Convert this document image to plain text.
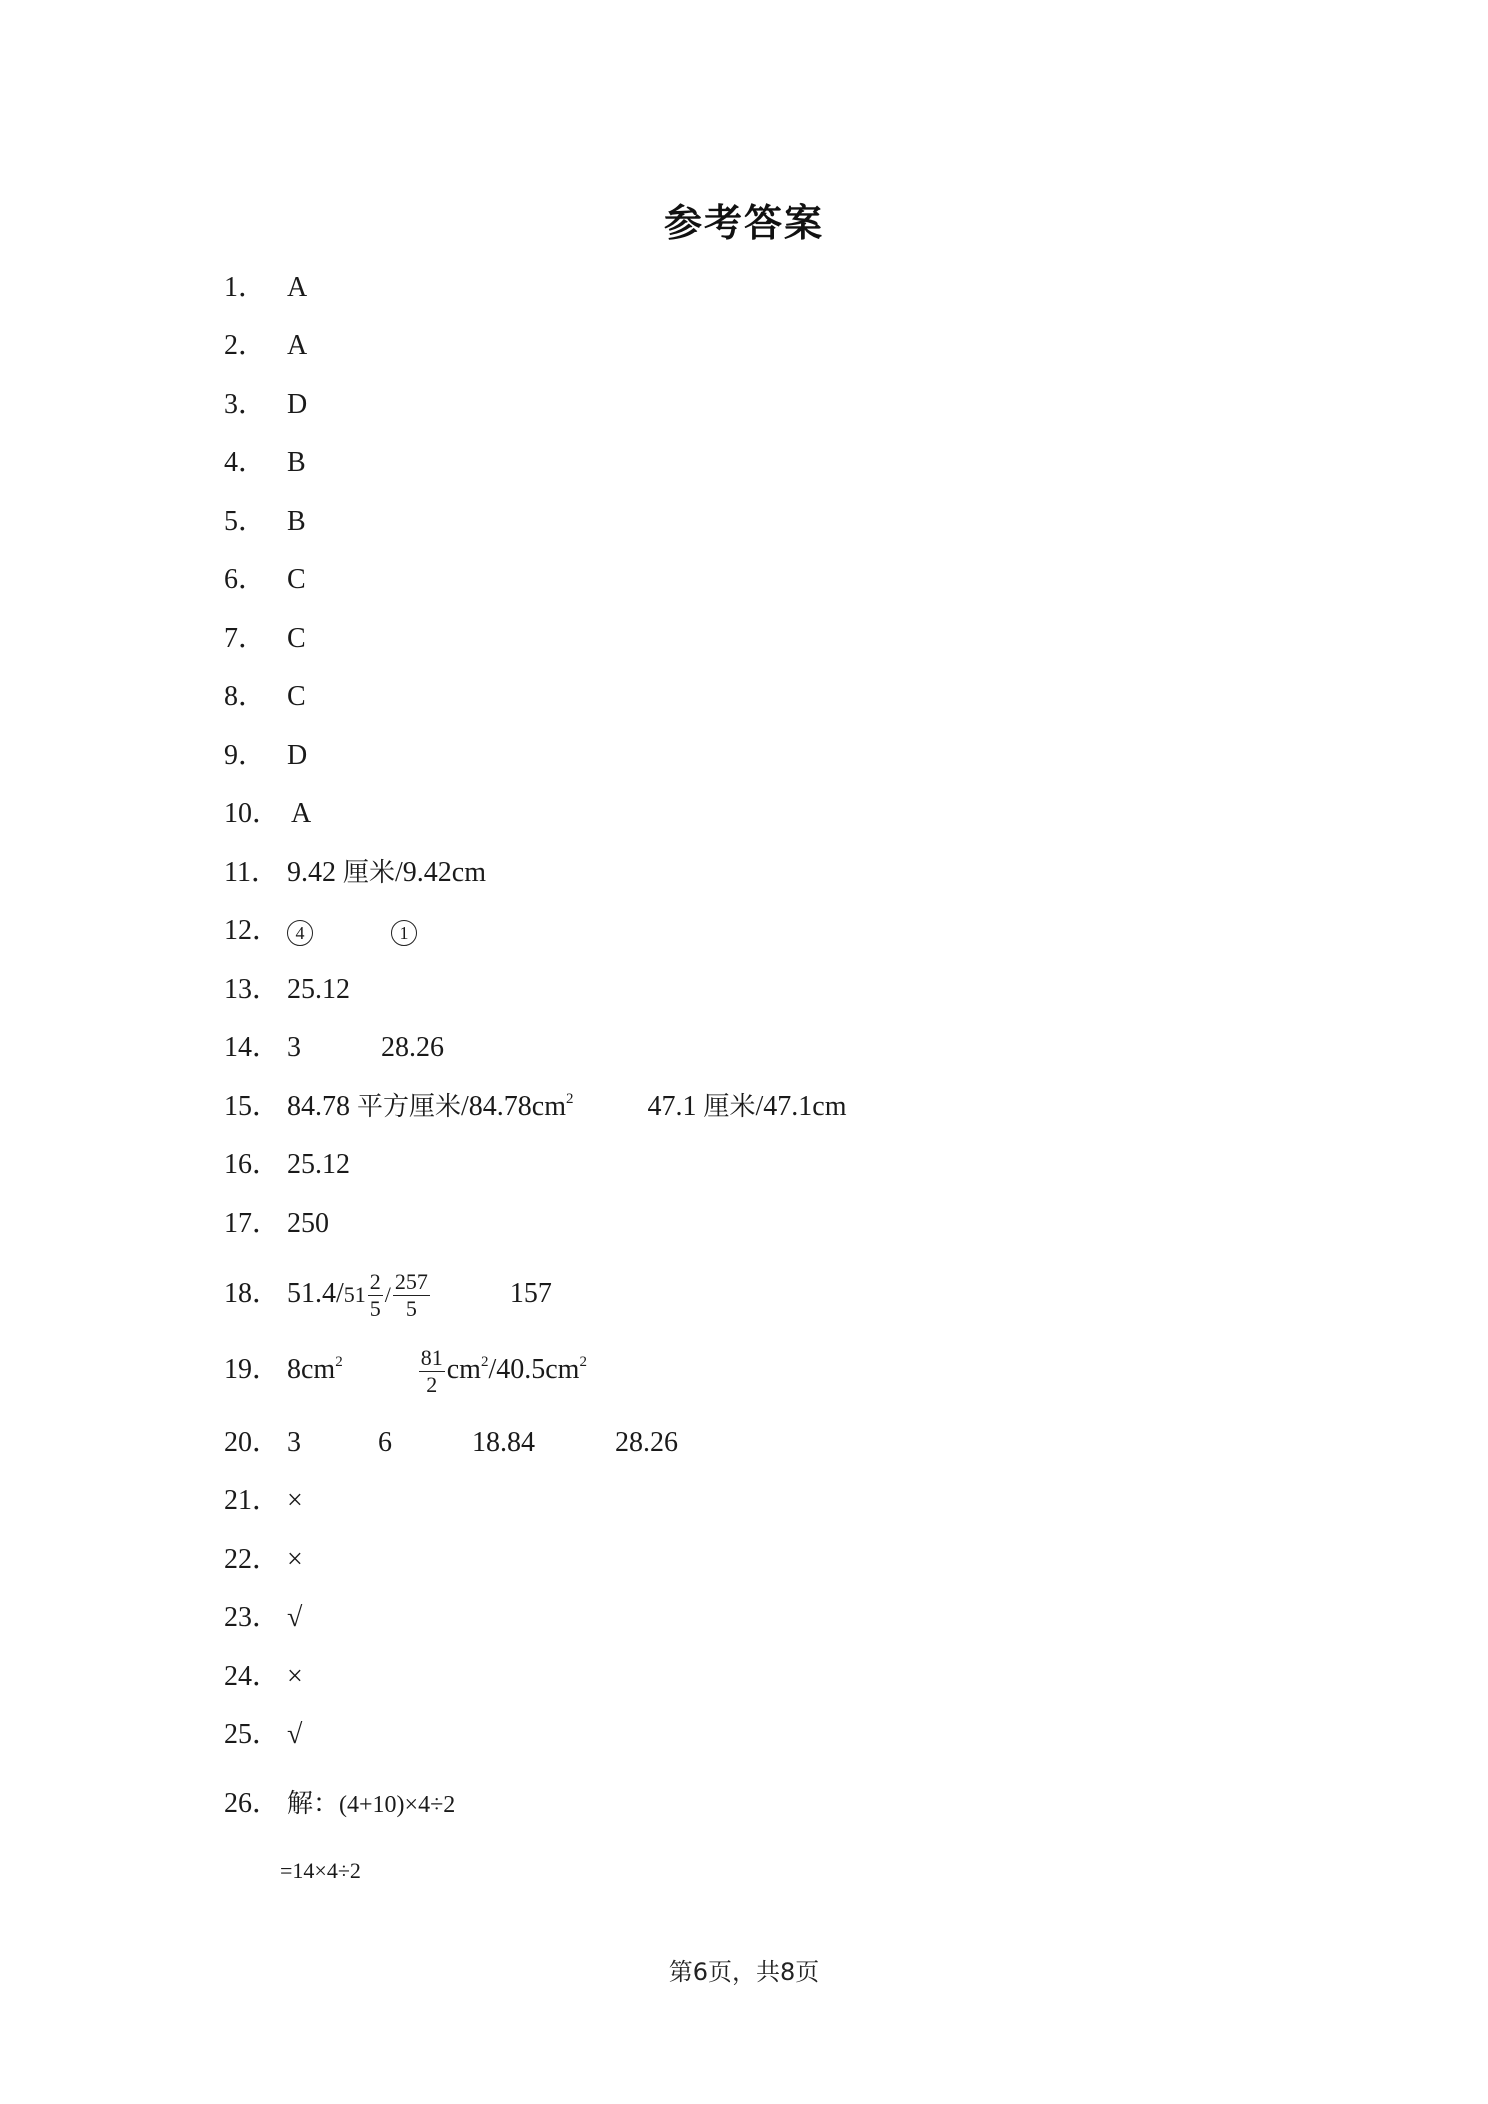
参考答案
1． A
2． A
3． D
4． B
5． B
6． C
7． C
8． C
9． D
10． A
11． 9.42 厘米/9.42cm
12． 4	1
13． 25.12
14． 3	28.26
15． 84.78 平方厘米$/84.78cm^2$	47.1 厘米/47.1cm
16． 25.12
17． 250
18． $51.4/51 \frac{2}{5} / \frac{257}{5}$	157
19． $8cm^2$	$\frac{81}{2} cm^2/40.5cm^2$
20． 3	6	18.84	28.26
21． ×
22． ×
23． √
24． ×
25． √
26． 解：(4+10)×4÷2
=14×4÷2
第6页，共8页
